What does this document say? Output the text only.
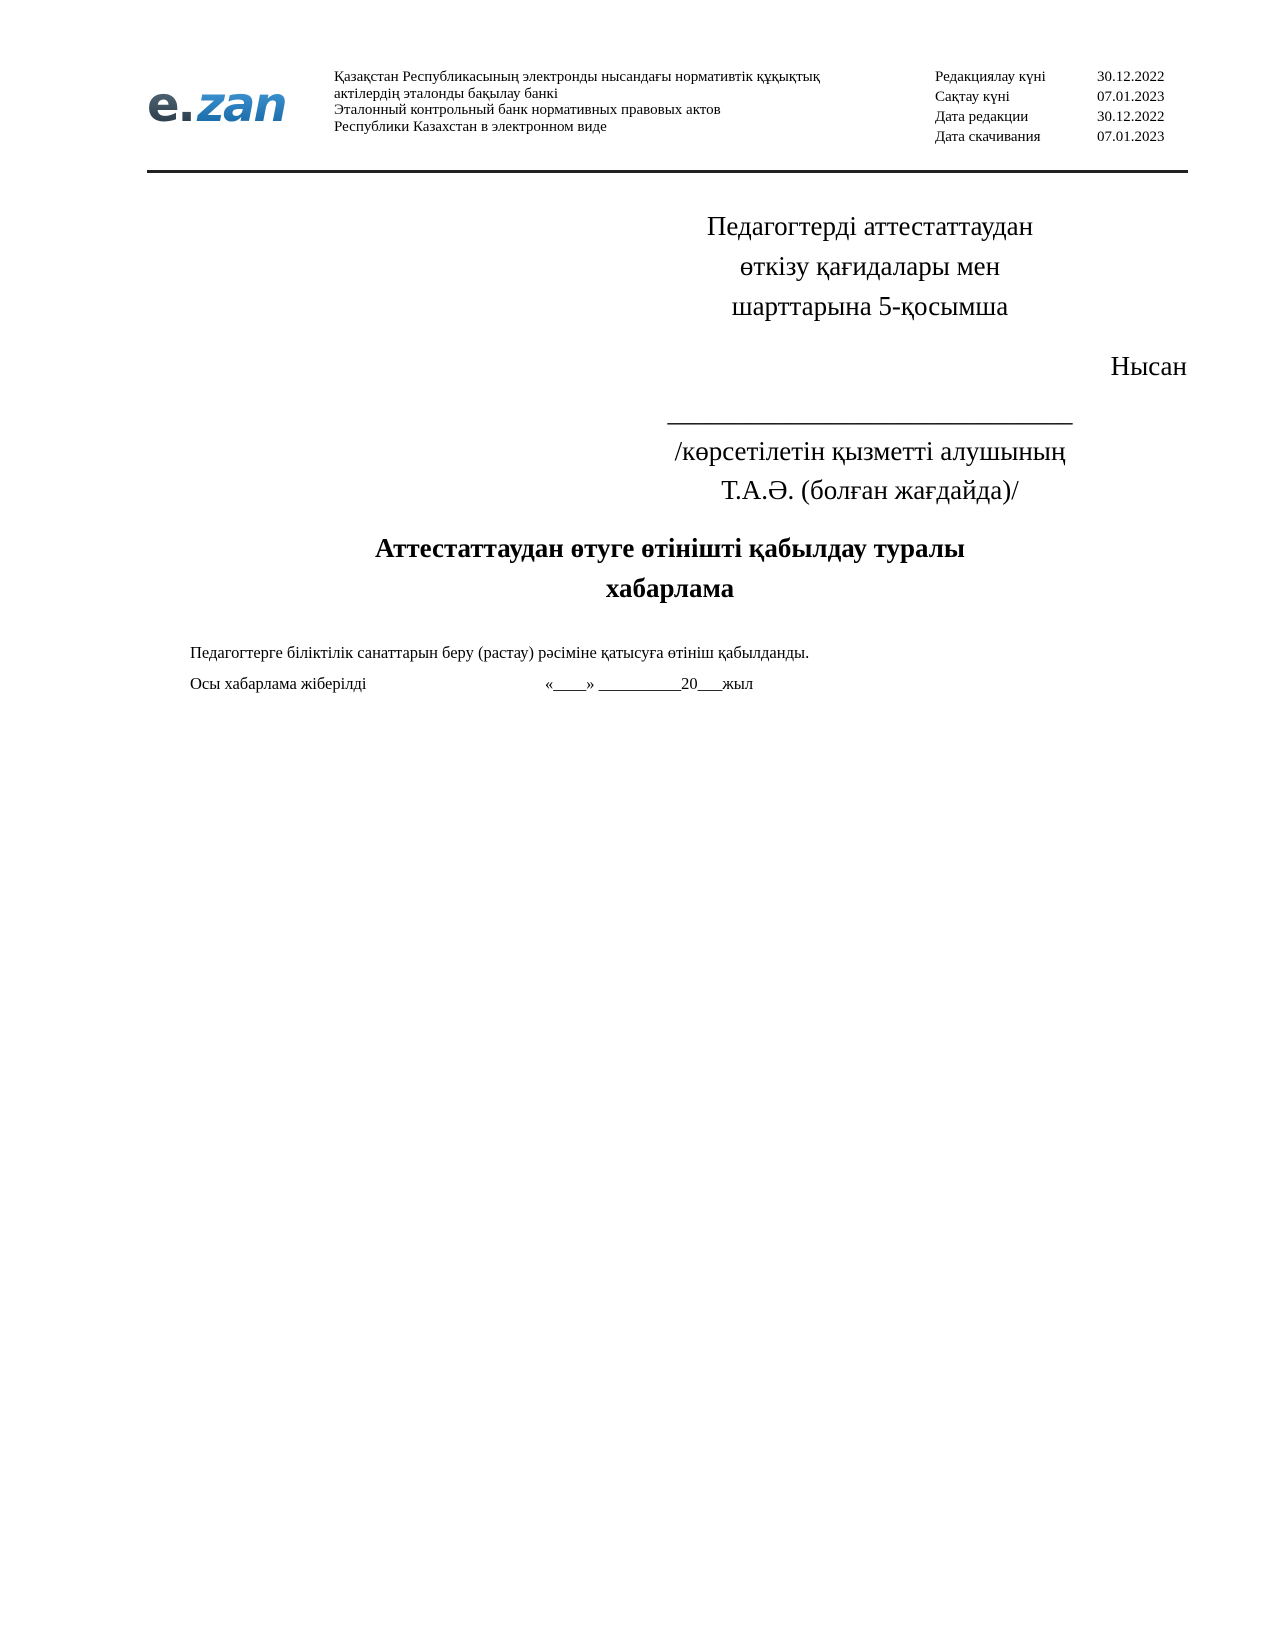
e. zan	Қазақстан Республикасының электронды нысандағы нормативтік құқықтық
актілердің эталонды бақылау банкі
Эталонный контрольный банк нормативных правовых актов
Республики Казахстан в электронном виде
Редакциялау күні	30.12.2022
Сақтау күні	07.01.2023
Дата редакции	30.12.2022
Дата скачивания	07.01.2023
Педагогтерді аттестаттаудан
өткізу қағидалары мен
шарттарына 5-қосымша
Нысан
______________________________
/көрсетілетін қызметті алушының
Т.А.Ә. (болған жағдайда)/
Аттестаттаудан өтуге өтінішті қабылдау туралы
хабарлама
Педагогтерге біліктілік санаттарын беру (растау) рәсіміне қатысуға өтініш қабылданды.
Осы хабарлама жіберілді	«____» __________20___жыл
